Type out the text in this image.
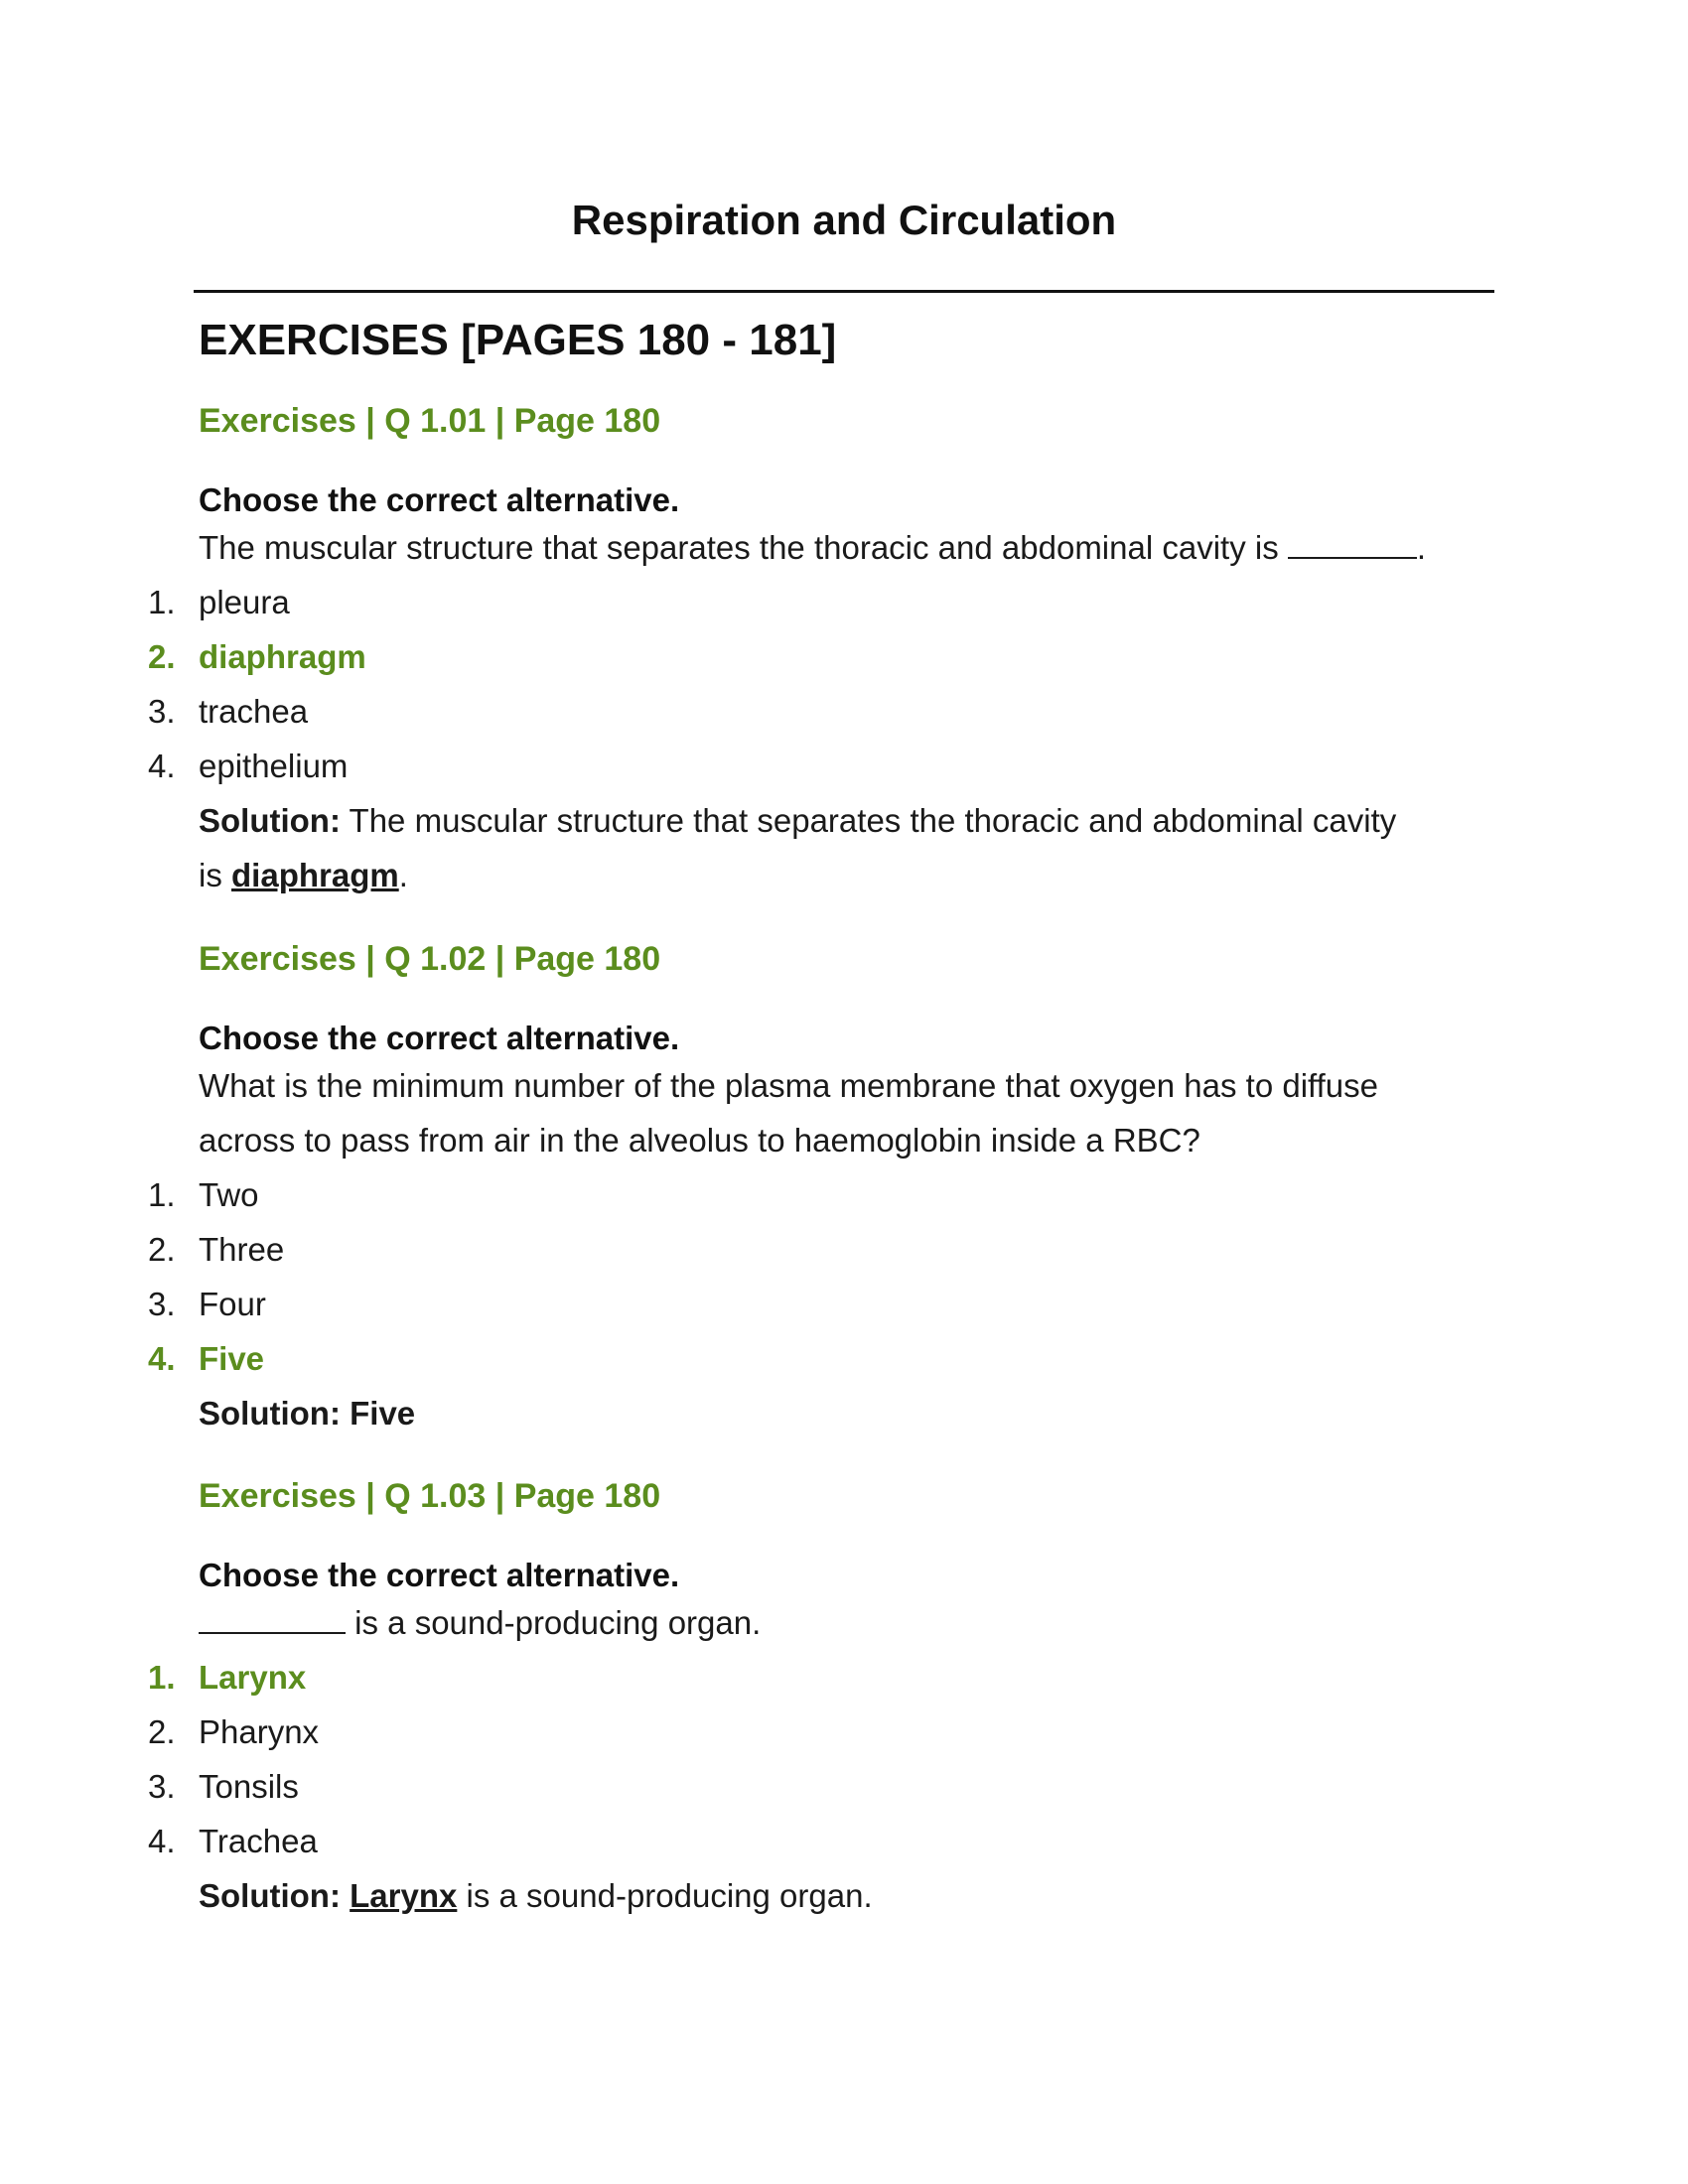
Respiration and Circulation
EXERCISES [PAGES 180 - 181]

Exercises | Q 1.01 | Page 180

Choose the correct alternative.

The muscular structure that separates the thoracic and abdominal cavity is	.

1. pleura
2. diaphragm
3. trachea
4. epithelium

Solution: The muscular structure that separates the thoracic and abdominal cavity

is diaphragm.

Exercises | Q 1.02 | Page 180

Choose the correct alternative.

What is the minimum number of the plasma membrane that oxygen has to diffuse
across to pass from air in the alveolus to haemoglobin inside a RBC?

1. Two
2. Three
3. Four
4. Five

Solution: Five

Exercises | Q 1.03 | Page 180

Choose the correct alternative.

is a sound-producing organ.

1. Larynx
2. Pharynx
3. Tonsils
4. Trachea

Solution: Larynx is a sound-producing organ.
